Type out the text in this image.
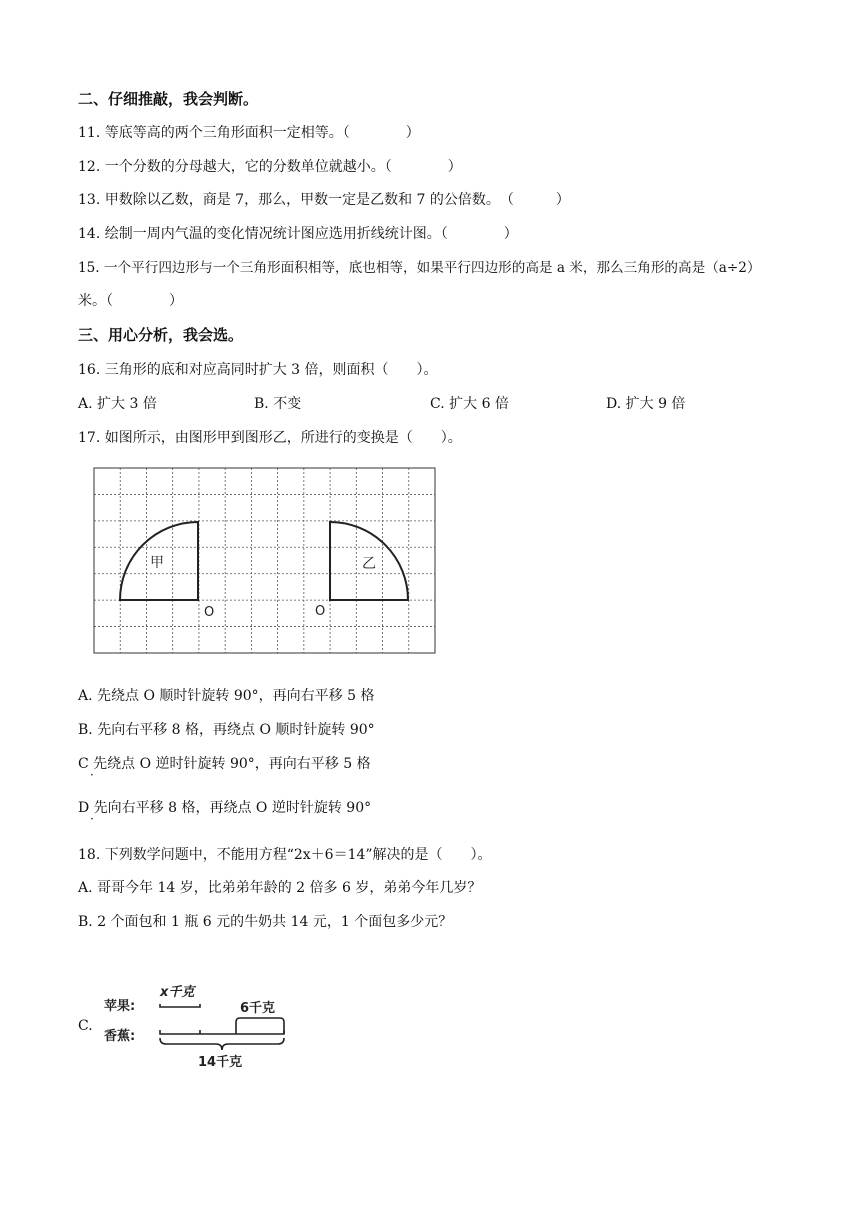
二、仔细推敲，我会判断。
11. 等底等高的两个三角形面积一定相等。（　　　　）
12. 一个分数的分母越大，它的分数单位就越小。（　　　　）
13. 甲数除以乙数，商是 7，那么，甲数一定是乙数和 7 的公倍数。　（　　　）
14. 绘制一周内气温的变化情况统计图应选用折线统计图。（　　　　）
15. 一个平行四边形与一个三角形面积相等，底也相等，如果平行四边形的高是 a 米，那么三角形的高是（a÷2）
米。（　　　　）
三、用心分析，我会选。
16. 三角形的底和对应高同时扩大 3 倍，则面积（　　）。
A. 扩大 3 倍	B. 不变	C. 扩大 6 倍	D. 扩大 9 倍
17. 如图所示，由图形甲到图形乙，所进行的变换是（　　）。
甲	乙
O	O
A. 先绕点 O 顺时针旋转 90°，再向右平移 5 格
B. 先向右平移 8 格，再绕点 O 顺时针旋转 90°
C 先绕点 O 逆时针旋转 90°，再向右平移 5 格
·
D 先向右平移 8 格，再绕点 O 逆时针旋转 90°
·
18. 下列数学问题中，不能用方程“2x＋6＝14”解决的是（　　）。
A. 哥哥今年 14 岁，比弟弟年龄的 2 倍多 6 岁，弟弟今年几岁？
B. 2 个面包和 1 瓶 6 元的牛奶共 14 元，1 个面包多少元？
C.
苹果:
香蕉:
x千克
6千克
14千克
